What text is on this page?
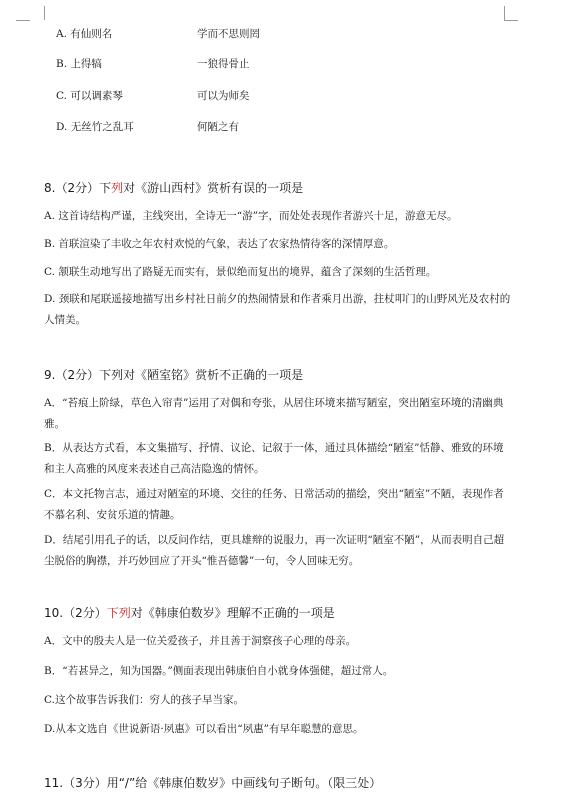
A. 有仙则名	学而不思则罔
B. 上得犒	一狼得骨止
C. 可以调素琴	可以为师矣
D. 无丝竹之乱耳	何陋之有
8.（2分）下列对《游山西村》赏析有误的一项是
A. 这首诗结构严谨，主线突出，全诗无一“游”字，而处处表现作者游兴十足，游意无尽。
B. 首联渲染了丰收之年农村欢悦的气象，表达了农家热情待客的深情厚意。
C. 颔联生动地写出了路疑无而实有，景似绝而复出的境界，蕴含了深刻的生活哲理。
D. 颈联和尾联遥接地描写出乡村社日前夕的热闹情景和作者乘月出游，拄杖叩门的山野风光及农村的人情美。
9.（2分）下列对《陋室铭》赏析不正确的一项是
A．“苔痕上阶绿，草色入帘青”运用了对偶和夸张，从居住环境来描写陋室，突出陋室环境的清幽典雅。
B．从表达方式看，本文集描写、抒情、议论、记叙于一体，通过具体描绘“陋室”恬静、雅致的环境和主人高雅的风度来表述自己高洁隐逸的情怀。
C．本文托物言志，通过对陋室的环境、交往的任务、日常活动的描绘，突出“陋室”不陋，表现作者不慕名利、安贫乐道的情趣。
D．结尾引用孔子的话，以反问作结，更具雄辩的说服力，再一次证明“陋室不陋”，从而表明自己超尘脱俗的胸襟，并巧妙回应了开头“惟吾德馨”一句，令人回味无穷。
10.（2分）下列对《韩康伯数岁》理解不正确的一项是
A．文中的殷夫人是一位关爱孩子，并且善于洞察孩子心理的母亲。
B．“若甚异之，知为国器。”侧面表现出韩康伯自小就身体强健，超过常人。
C.这个故事告诉我们：穷人的孩子早当家。
D.从本文选自《世说新语·夙惠》可以看出“夙惠”有早年聪慧的意思。
11.（3分）用“/”给《韩康伯数岁》中画线句子断句。（限三处）
